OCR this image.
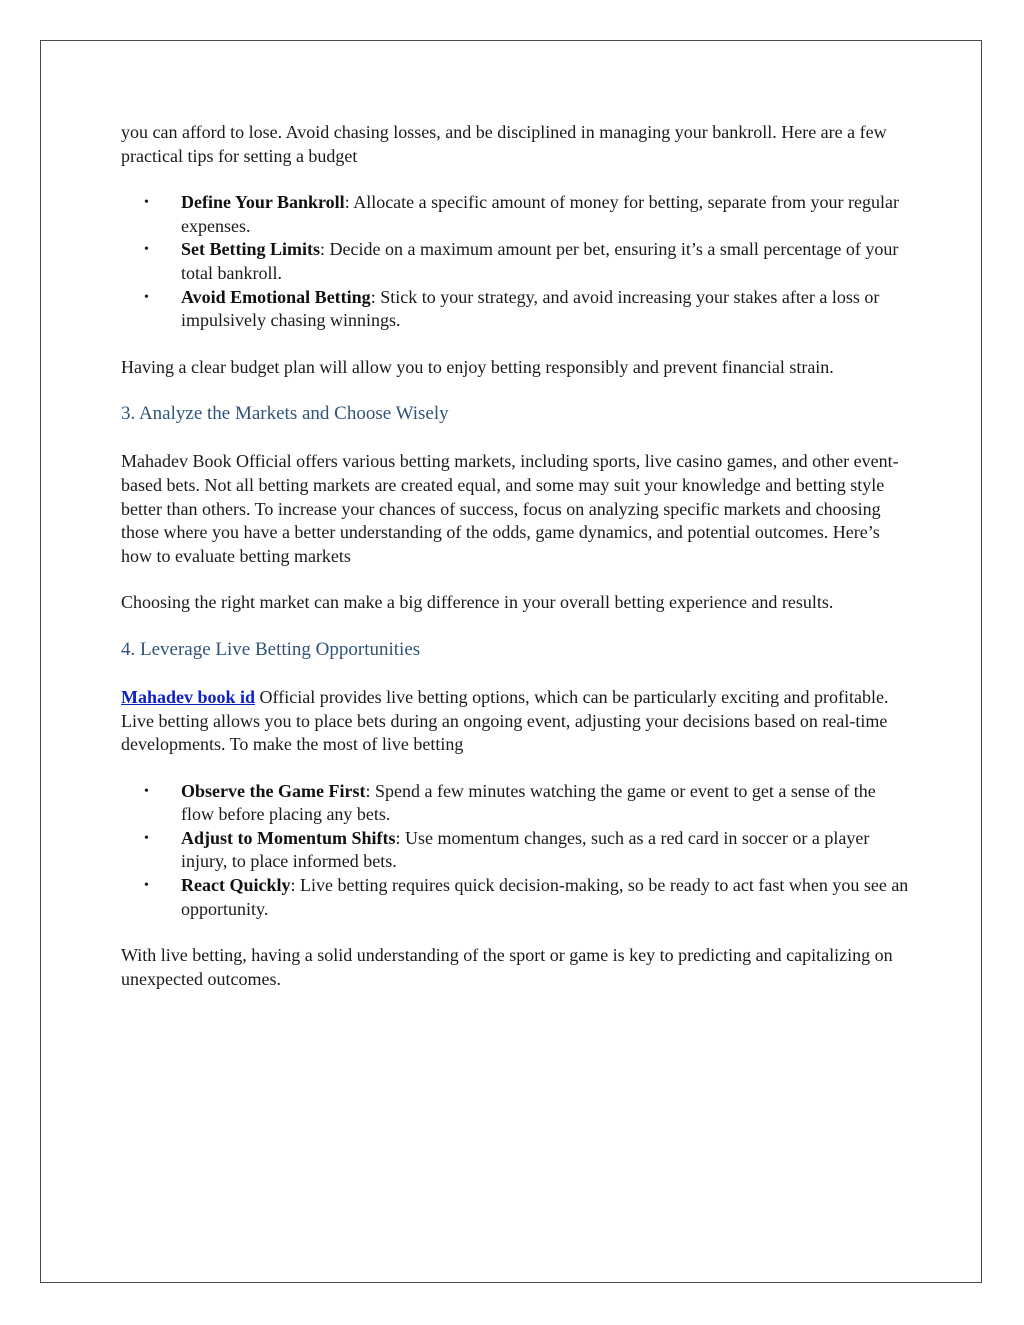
you can afford to lose. Avoid chasing losses, and be disciplined in managing your bankroll. Here are a few practical tips for setting a budget

• Define Your Bankroll: Allocate a specific amount of money for betting, separate from your regular expenses.
• Set Betting Limits: Decide on a maximum amount per bet, ensuring it’s a small percentage of your total bankroll.
• Avoid Emotional Betting: Stick to your strategy, and avoid increasing your stakes after a loss or impulsively chasing winnings.

Having a clear budget plan will allow you to enjoy betting responsibly and prevent financial strain.

3. Analyze the Markets and Choose Wisely

Mahadev Book Official offers various betting markets, including sports, live casino games, and other event-based bets. Not all betting markets are created equal, and some may suit your knowledge and betting style better than others. To increase your chances of success, focus on analyzing specific markets and choosing those where you have a better understanding of the odds, game dynamics, and potential outcomes. Here’s how to evaluate betting markets

Choosing the right market can make a big difference in your overall betting experience and results.

4. Leverage Live Betting Opportunities

Mahadev book id Official provides live betting options, which can be particularly exciting and profitable. Live betting allows you to place bets during an ongoing event, adjusting your decisions based on real-time developments. To make the most of live betting

• Observe the Game First: Spend a few minutes watching the game or event to get a sense of the flow before placing any bets.
• Adjust to Momentum Shifts: Use momentum changes, such as a red card in soccer or a player injury, to place informed bets.
• React Quickly: Live betting requires quick decision-making, so be ready to act fast when you see an opportunity.

With live betting, having a solid understanding of the sport or game is key to predicting and capitalizing on unexpected outcomes.
